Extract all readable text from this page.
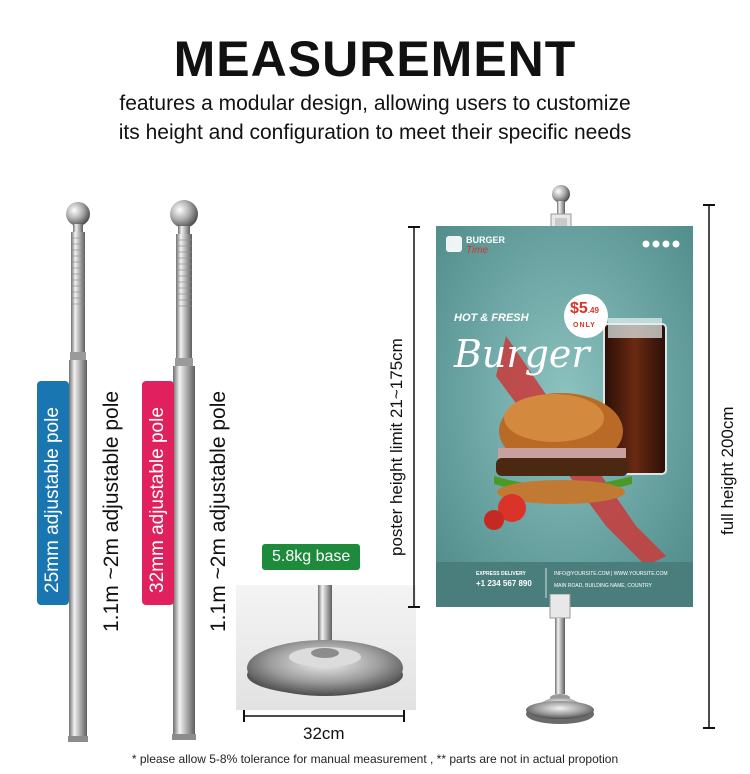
MEASUREMENT
features a modular design, allowing users to customize
its height and configuration to meet their specific needs
25mm adjustable pole 1.1m ~2m adjustable pole 32mm adjustable pole 1.1m ~2m adjustable pole	5.8kg base
32cm
poster height limit 21~175cm	full height 200cm
BURGER
Time
HOT & FRESH
Burger
$5.49
ONLY
EXPRESS DELIVERY
+1 234 567 890
INFO@YOURSITE.COM | WWW.YOURSITE.COM
MAIN ROAD, BUILDING NAME, COUNTRY
* please allow 5-8% tolerance for manual measurement , ** parts are not in actual propotion
